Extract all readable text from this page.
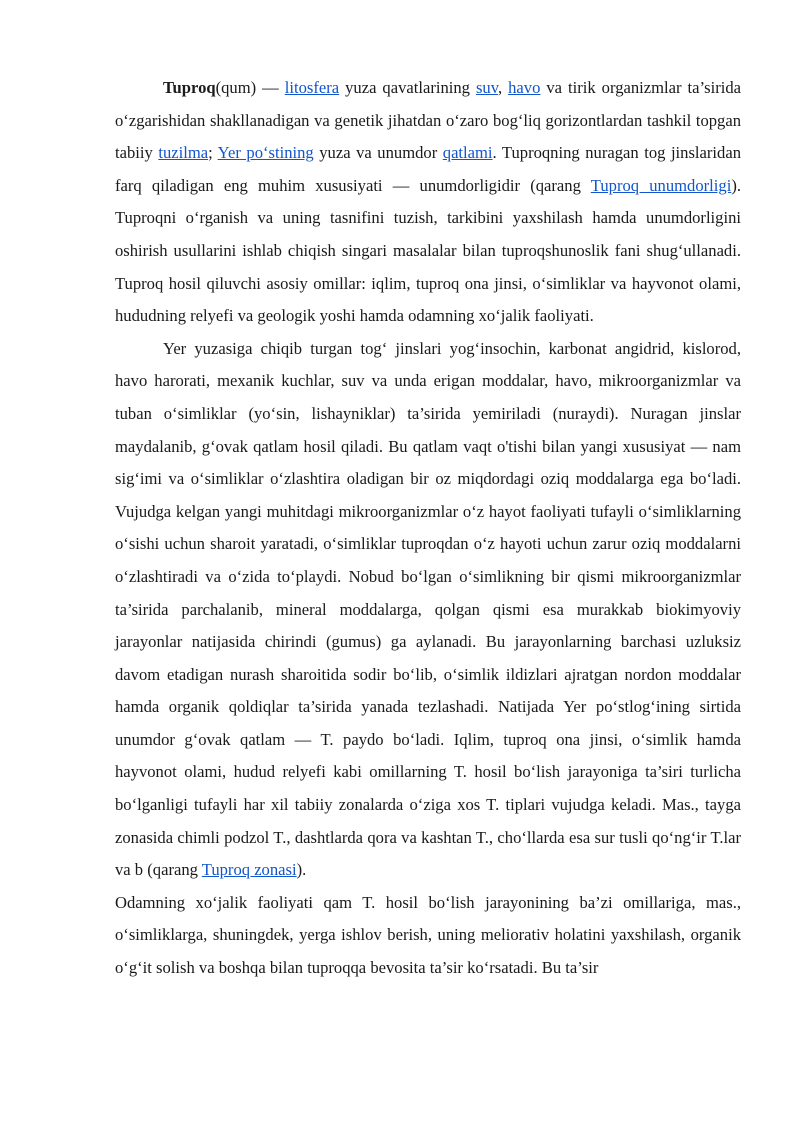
Tuproq(qum) — litosfera yuza qavatlarining suv, havo va tirik organizmlar ta’sirida o‘zgarishidan shakllanadigan va genetik jihatdan o‘zaro bog‘liq gorizontlardan tashkil topgan tabiiy tuzilma; Yer po‘stining yuza va unumdor qatlami. Tuproqning nuragan tog jinslaridan farq qiladigan eng muhim xususiyati — unumdorligidir (qarang Tuproq unumdorligi). Tuproqni o‘rganish va uning tasnifini tuzish, tarkibini yaxshilash hamda unumdorligini oshirish usullarini ishlab chiqish singari masalalar bilan tuproqshunoslik fani shug‘ullanadi. Tuproq hosil qiluvchi asosiy omillar: iqlim, tuproq ona jinsi, o‘simliklar va hayvonot olami, hududning relyefi va geologik yoshi hamda odamning xo‘jalik faoliyati.

Yer yuzasiga chiqib turgan tog‘ jinslari yog‘insochin, karbonat angidrid, kislorod, havo harorati, mexanik kuchlar, suv va unda erigan moddalar, havo, mikroorganizmlar va tuban o‘simliklar (yo‘sin, lishayniklar) ta’sirida yemiriladi (nuraydi). Nuragan jinslar maydalanib, g‘ovak qatlam hosil qiladi. Bu qatlam vaqt o'tishi bilan yangi xususiyat — nam sig‘imi va o‘simliklar o‘zlashtira oladigan bir oz miqdordagi oziq moddalarga ega bo‘ladi. Vujudga kelgan yangi muhitdagi mikroorganizmlar o‘z hayot faoliyati tufayli o‘simliklarning o‘sishi uchun sharoit yaratadi, o‘simliklar tuproqdan o‘z hayoti uchun zarur oziq moddalarni o‘zlashtiradi va o‘zida to‘playdi. Nobud bo‘lgan o‘simlikning bir qismi mikroorganizmlar ta’sirida parchalanib, mineral moddalarga, qolgan qismi esa murakkab biokimyoviy jarayonlar natijasida chirindi (gumus) ga aylanadi. Bu jarayonlarning barchasi uzluksiz davom etadigan nurash sharoitida sodir bo‘lib, o‘simlik ildizlari ajratgan nordon moddalar hamda organik qoldiqlar ta’sirida yanada tezlashadi. Natijada Yer po‘stlog‘ining sirtida unumdor g‘ovak qatlam — T. paydo bo‘ladi. Iqlim, tuproq ona jinsi, o‘simlik hamda hayvonot olami, hudud relyefi kabi omillarning T. hosil bo‘lish jarayoniga ta’siri turlicha bo‘lganligi tufayli har xil tabiiy zonalarda o‘ziga xos T. tiplari vujudga keladi. Mas., tayga zonasida chimli podzol T., dashtlarda qora va kashtan T., cho‘llarda esa sur tusli qo‘ng‘ir T.lar va b (qarang Tuproq zonasi).

Odamning xo‘jalik faoliyati qam T. hosil bo‘lish jarayonining ba’zi omillariga, mas., o‘simliklarga, shuningdek, yerga ishlov berish, uning meliorativ holatini yaxshilash, organik o‘g‘it solish va boshqa bilan tuproqqa bevosita ta’sir ko‘rsatadi. Bu ta’sir
